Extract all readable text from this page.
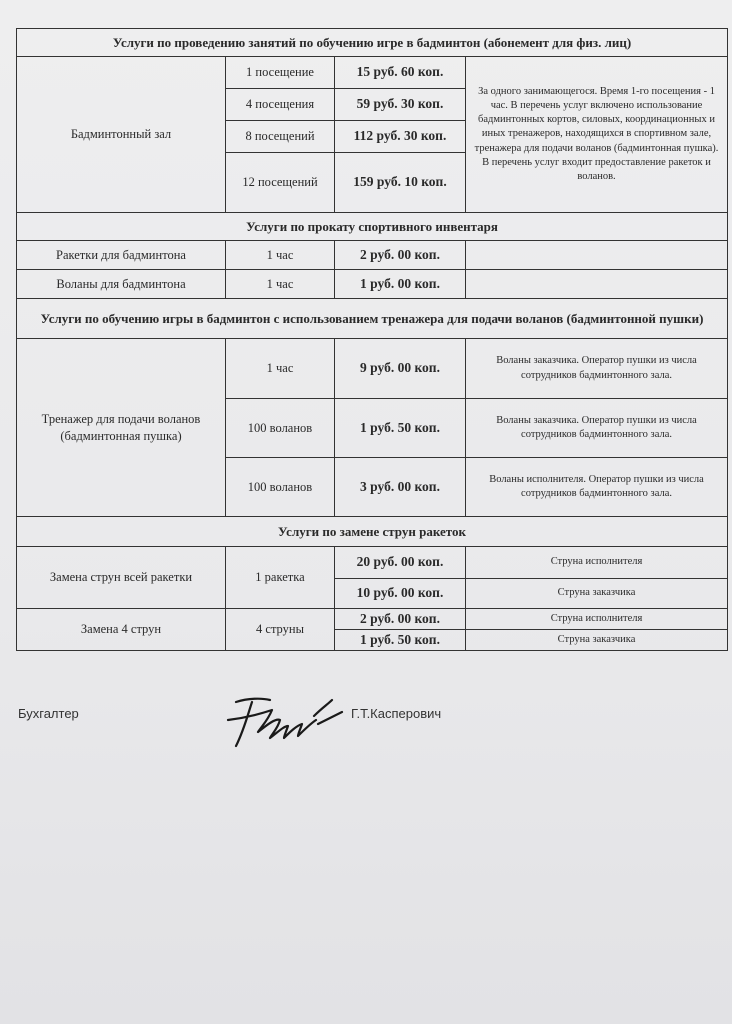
Услуги по проведению занятий по обучению игре в бадминтон (абонемент для физ. лиц)			
Бадминтонный зал	1 посещение	15 руб. 60 коп.	За одного занимающегося. Время 1-го посещения - 1 час. В перечень услуг включено использование бадминтонных кортов, силовых, координационных и иных тренажеров, находящихся в спортивном зале, тренажера для подачи воланов (бадминтонная пушка). В перечень услуг входит предоставление ракеток и воланов.
	4 посещения	59 руб. 30 коп.	
	8 посещений	112 руб. 30 коп.	
	12 посещений	159 руб. 10 коп.	
Услуги по прокату спортивного инвентаря			
Ракетки для бадминтона	1 час	2 руб. 00 коп.	
Воланы для бадминтона	1 час	1 руб. 00 коп.	
Услуги по обучению игры в бадминтон с использованием тренажера для подачи воланов (бадминтонной пушки)			
Тренажер для подачи воланов (бадминтонная пушка)	1 час	9 руб. 00 коп.	Воланы заказчика. Оператор пушки из числа сотрудников бадминтонного зала.
	100 воланов	1 руб. 50 коп.	Воланы заказчика. Оператор пушки из числа сотрудников бадминтонного зала.
	100 воланов	3 руб. 00 коп.	Воланы исполнителя. Оператор пушки из числа сотрудников бадминтонного зала.
Услуги по замене струн ракеток			
Замена струн всей ракетки	1 ракетка	20 руб. 00 коп.	Струна исполнителя
		10 руб. 00 коп.	Струна заказчика
Замена 4 струн	4 струны	2 руб. 00 коп.	Струна исполнителя
		1 руб. 50 коп.	Струна заказчика
Бухгалтер	Г.Т.Касперович
